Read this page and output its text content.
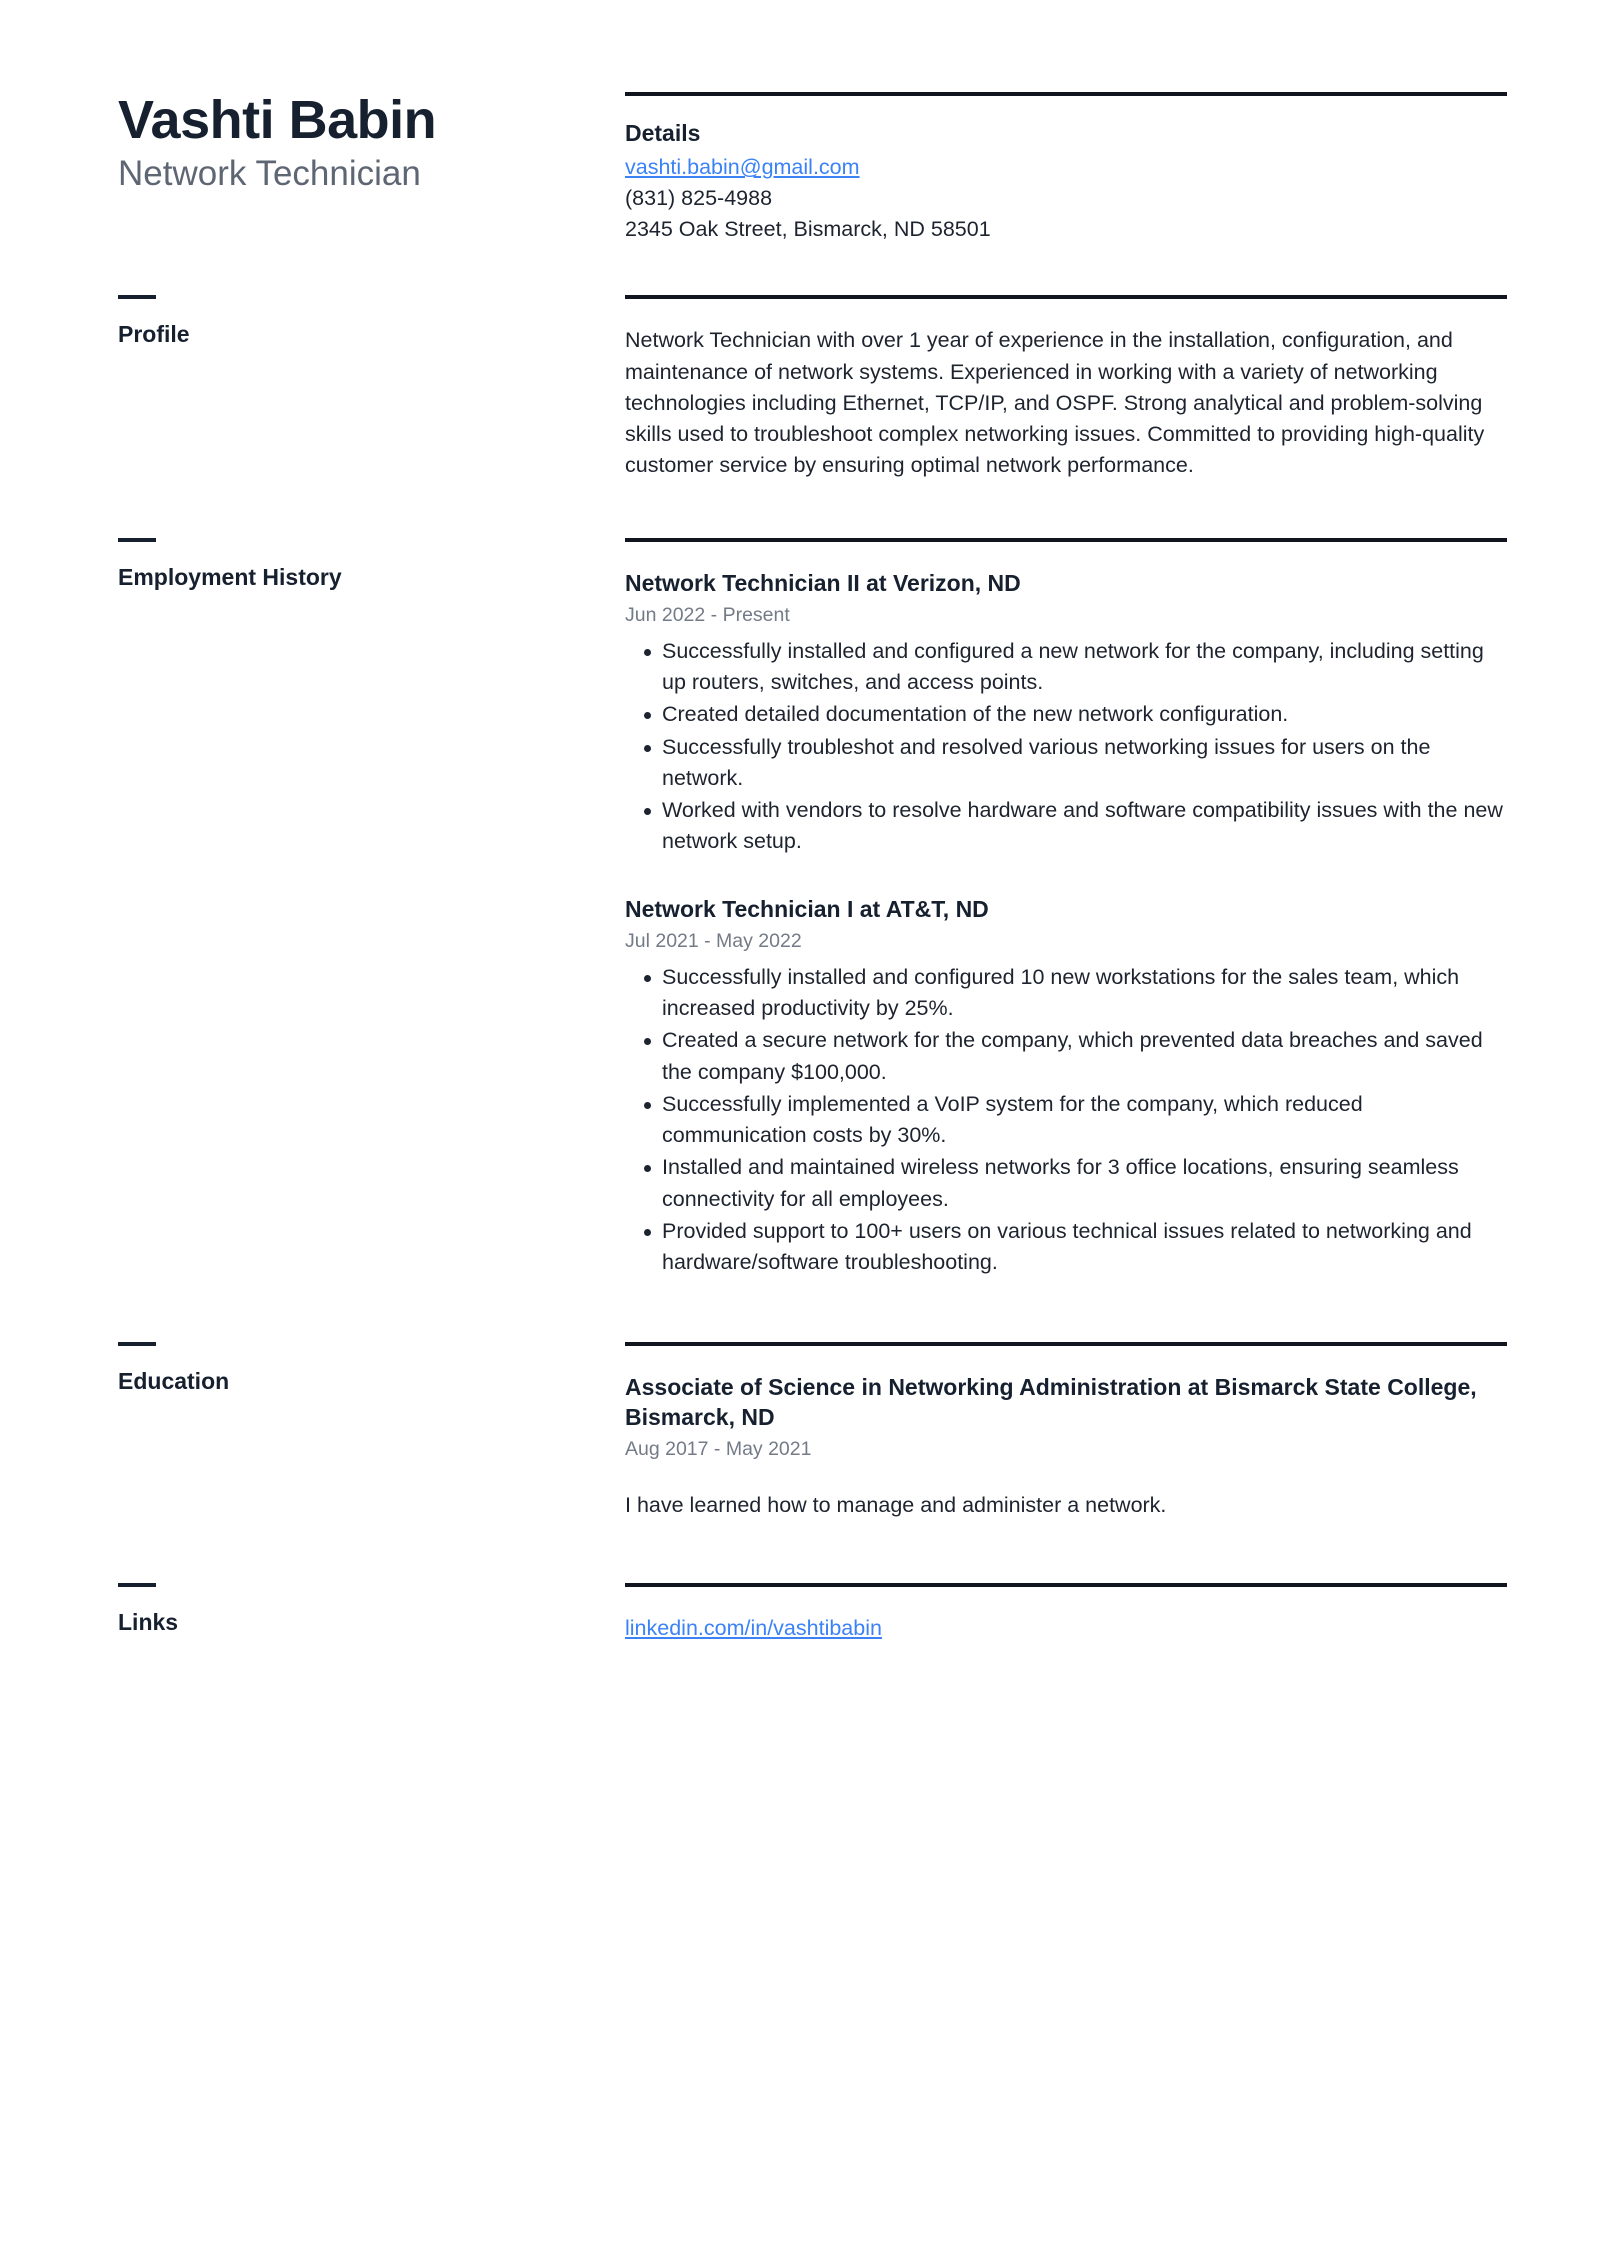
Vashti Babin
Network Technician
Details
vashti.babin@gmail.com
(831) 825-4988
2345 Oak Street, Bismarck, ND 58501
Profile	Network Technician with over 1 year of experience in the installation, configuration, and maintenance of network systems. Experienced in working with a variety of networking technologies including Ethernet, TCP/IP, and OSPF. Strong analytical and problem-solving skills used to troubleshoot complex networking issues. Committed to providing high-quality customer service by ensuring optimal network performance.
Employment History	Network Technician II at Verizon, ND
Jun 2022 - Present
Successfully installed and configured a new network for the company, including setting up routers, switches, and access points.
Created detailed documentation of the new network configuration.
Successfully troubleshot and resolved various networking issues for users on the network.
Worked with vendors to resolve hardware and software compatibility issues with the new network setup.
Network Technician I at AT&T, ND
Jul 2021 - May 2022
Successfully installed and configured 10 new workstations for the sales team, which increased productivity by 25%.
Created a secure network for the company, which prevented data breaches and saved the company $100,000.
Successfully implemented a VoIP system for the company, which reduced communication costs by 30%.
Installed and maintained wireless networks for 3 office locations, ensuring seamless connectivity for all employees.
Provided support to 100+ users on various technical issues related to networking and hardware/software troubleshooting.
Education	Associate of Science in Networking Administration at Bismarck State College, Bismarck, ND
Aug 2017 - May 2021
I have learned how to manage and administer a network.
Links	linkedin.com/in/vashtibabin
